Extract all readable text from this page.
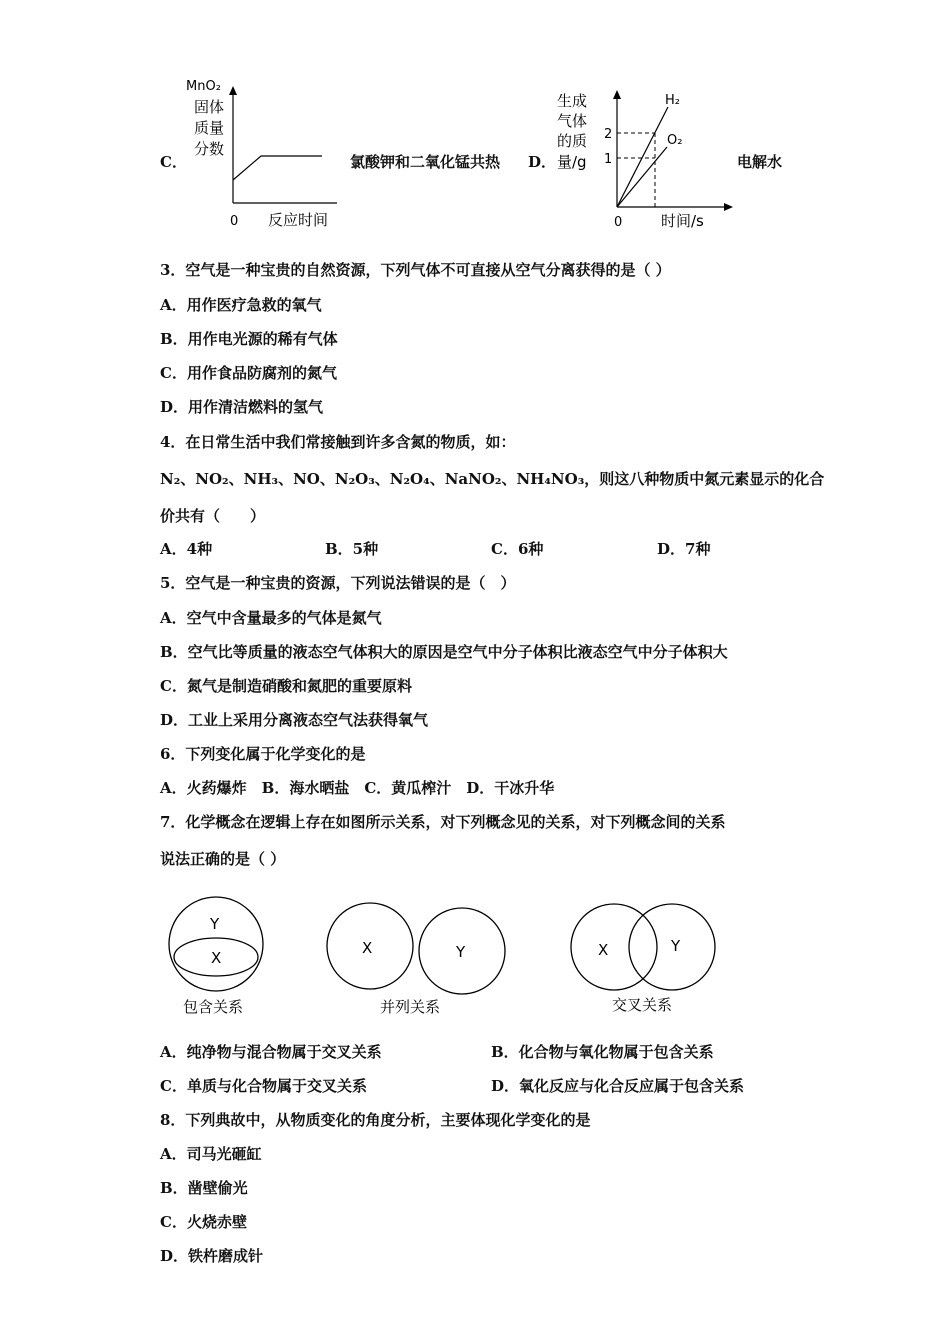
C．
MnO₂
固体
质量
分数
0 反应时间
氯酸钾和二氧化锰共热 D．
生成
气体
的质
量/g
2
1
H₂
O₂
0	时间/s
电解水
3．空气是一种宝贵的自然资源，下列气体不可直接从空气分离获得的是（ ）
A．用作医疗急救的氧气
B．用作电光源的稀有气体
C．用作食品防腐剂的氮气
D．用作清洁燃料的氢气
4．在日常生活中我们常接触到许多含氮的物质，如：
N₂、NO₂、NH₃、NO、N₂O₃、N₂O₄、NaNO₂、NH₄NO₃，则这八种物质中氮元素显示的化合
价共有（　　）
A．4种	B．5种	C．6种	D．7种
5．空气是一种宝贵的资源，下列说法错误的是（　）
A．空气中含量最多的气体是氮气
B．空气比等质量的液态空气体积大的原因是空气中分子体积比液态空气中分子体积大
C．氮气是制造硝酸和氮肥的重要原料
D．工业上采用分离液态空气法获得氧气
6．下列变化属于化学变化的是
A．火药爆炸　B．海水晒盐　C．黄瓜榨汁　D．干冰升华
7．化学概念在逻辑上存在如图所示关系，对下列概念见的关系，对下列概念间的关系
说法正确的是（ ）
Y
X
包含关系
X	Y
并列关系
X	Y
交叉关系
A．纯净物与混合物属于交叉关系	B．化合物与氧化物属于包含关系
C．单质与化合物属于交叉关系	D．氧化反应与化合反应属于包含关系
8．下列典故中，从物质变化的角度分析，主要体现化学变化的是
A．司马光砸缸
B．凿壁偷光
C．火烧赤壁
D．铁杵磨成针
